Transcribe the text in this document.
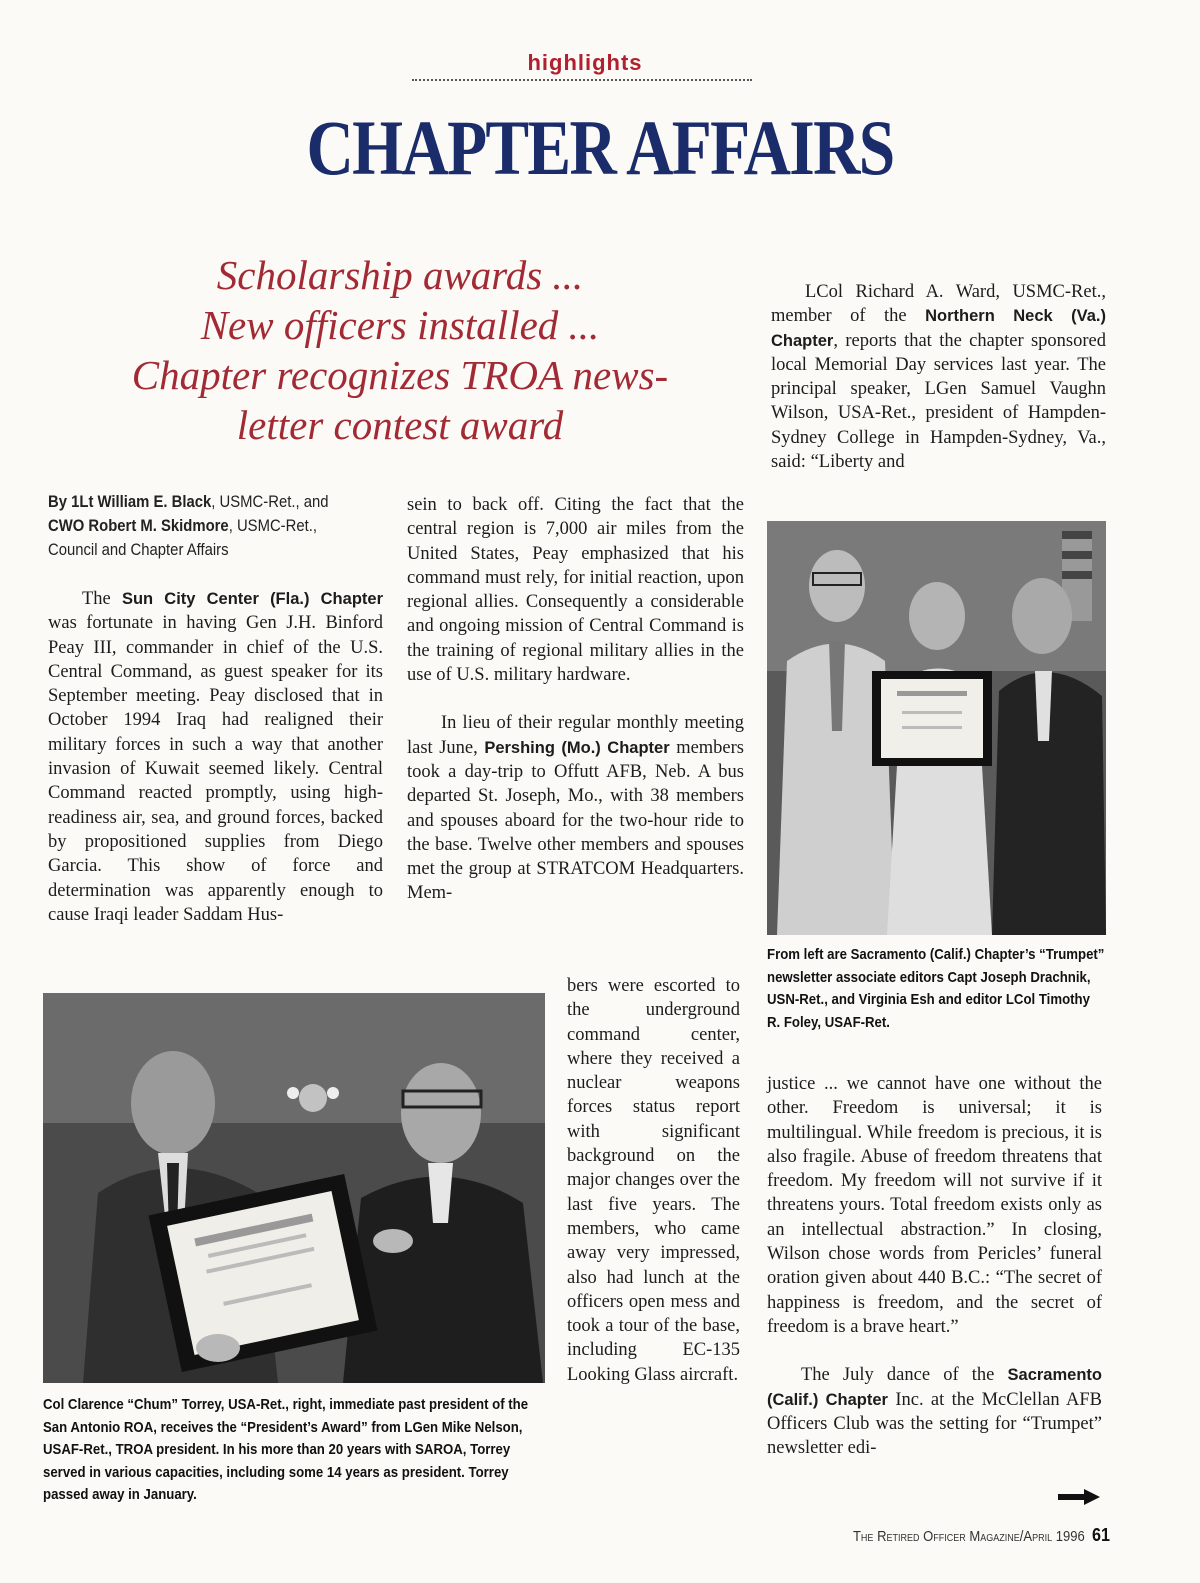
highlights
CHAPTER AFFAIRS
Scholarship awards ...
New officers installed ...
Chapter recognizes TROA news-
letter contest award
By 1Lt William E. Black, USMC-Ret., and
CWO Robert M. Skidmore, USMC-Ret.,
Council and Chapter Affairs

The Sun City Center (Fla.) Chapter was fortunate in having Gen J.H. Binford Peay III, commander in chief of the U.S. Central Command, as guest speaker for its September meeting. Peay disclosed that in October 1994 Iraq had realigned their military forces in such a way that another invasion of Kuwait seemed likely. Central Command reacted promptly, using high-readiness air, sea, and ground forces, backed by propositioned supplies from Diego Garcia. This show of force and determination was apparently enough to cause Iraqi leader Saddam Hus-

sein to back off. Citing the fact that the central region is 7,000 air miles from the United States, Peay emphasized that his command must rely, for initial reaction, upon regional allies. Consequently a considerable and ongoing mission of Central Command is the training of regional military allies in the use of U.S. military hardware.

In lieu of their regular monthly meeting last June, Pershing (Mo.) Chapter members took a day-trip to Offutt AFB, Neb. A bus departed St. Joseph, Mo., with 38 members and spouses aboard for the two-hour ride to the base. Twelve other members and spouses met the group at STRATCOM Headquarters. Mem-

bers were escorted to the underground command center, where they received a nuclear weapons forces status report with significant background on the major changes over the last five years. The members, who came away very impressed, also had lunch at the officers open mess and took a tour of the base, including EC-135 Looking Glass aircraft.

LCol Richard A. Ward, USMC-Ret., member of the Northern Neck (Va.) Chapter, reports that the chapter sponsored local Memorial Day services last year. The principal speaker, LGen Samuel Vaughn Wilson, USA-Ret., president of Hampden-Sydney College in Hampden-Sydney, Va., said: “Liberty and

justice ... we cannot have one without the other. Freedom is universal; it is multilingual. While freedom is precious, it is also fragile. Abuse of freedom threatens that freedom. My freedom will not survive if it threatens yours. Total freedom exists only as an intellectual abstraction.” In closing, Wilson chose words from Pericles’ funeral oration given about 440 B.C.: “The secret of happiness is freedom, and the secret of freedom is a brave heart.”

The July dance of the Sacramento (Calif.) Chapter Inc. at the McClellan AFB Officers Club was the setting for “Trumpet” newsletter edi-

Col Clarence “Chum” Torrey, USA-Ret., right, immediate past president of the San Antonio ROA, receives the “President’s Award” from LGen Mike Nelson, USAF-Ret., TROA president. In his more than 20 years with SAROA, Torrey served in various capacities, including some 14 years as president. Torrey passed away in January.
From left are Sacramento (Calif.) Chapter’s “Trumpet” newsletter associate editors Capt Joseph Drachnik, USN-Ret., and Virginia Esh and editor LCol Timothy R. Foley, USAF-Ret.
The Retired Officer Magazine/April 1996 61
